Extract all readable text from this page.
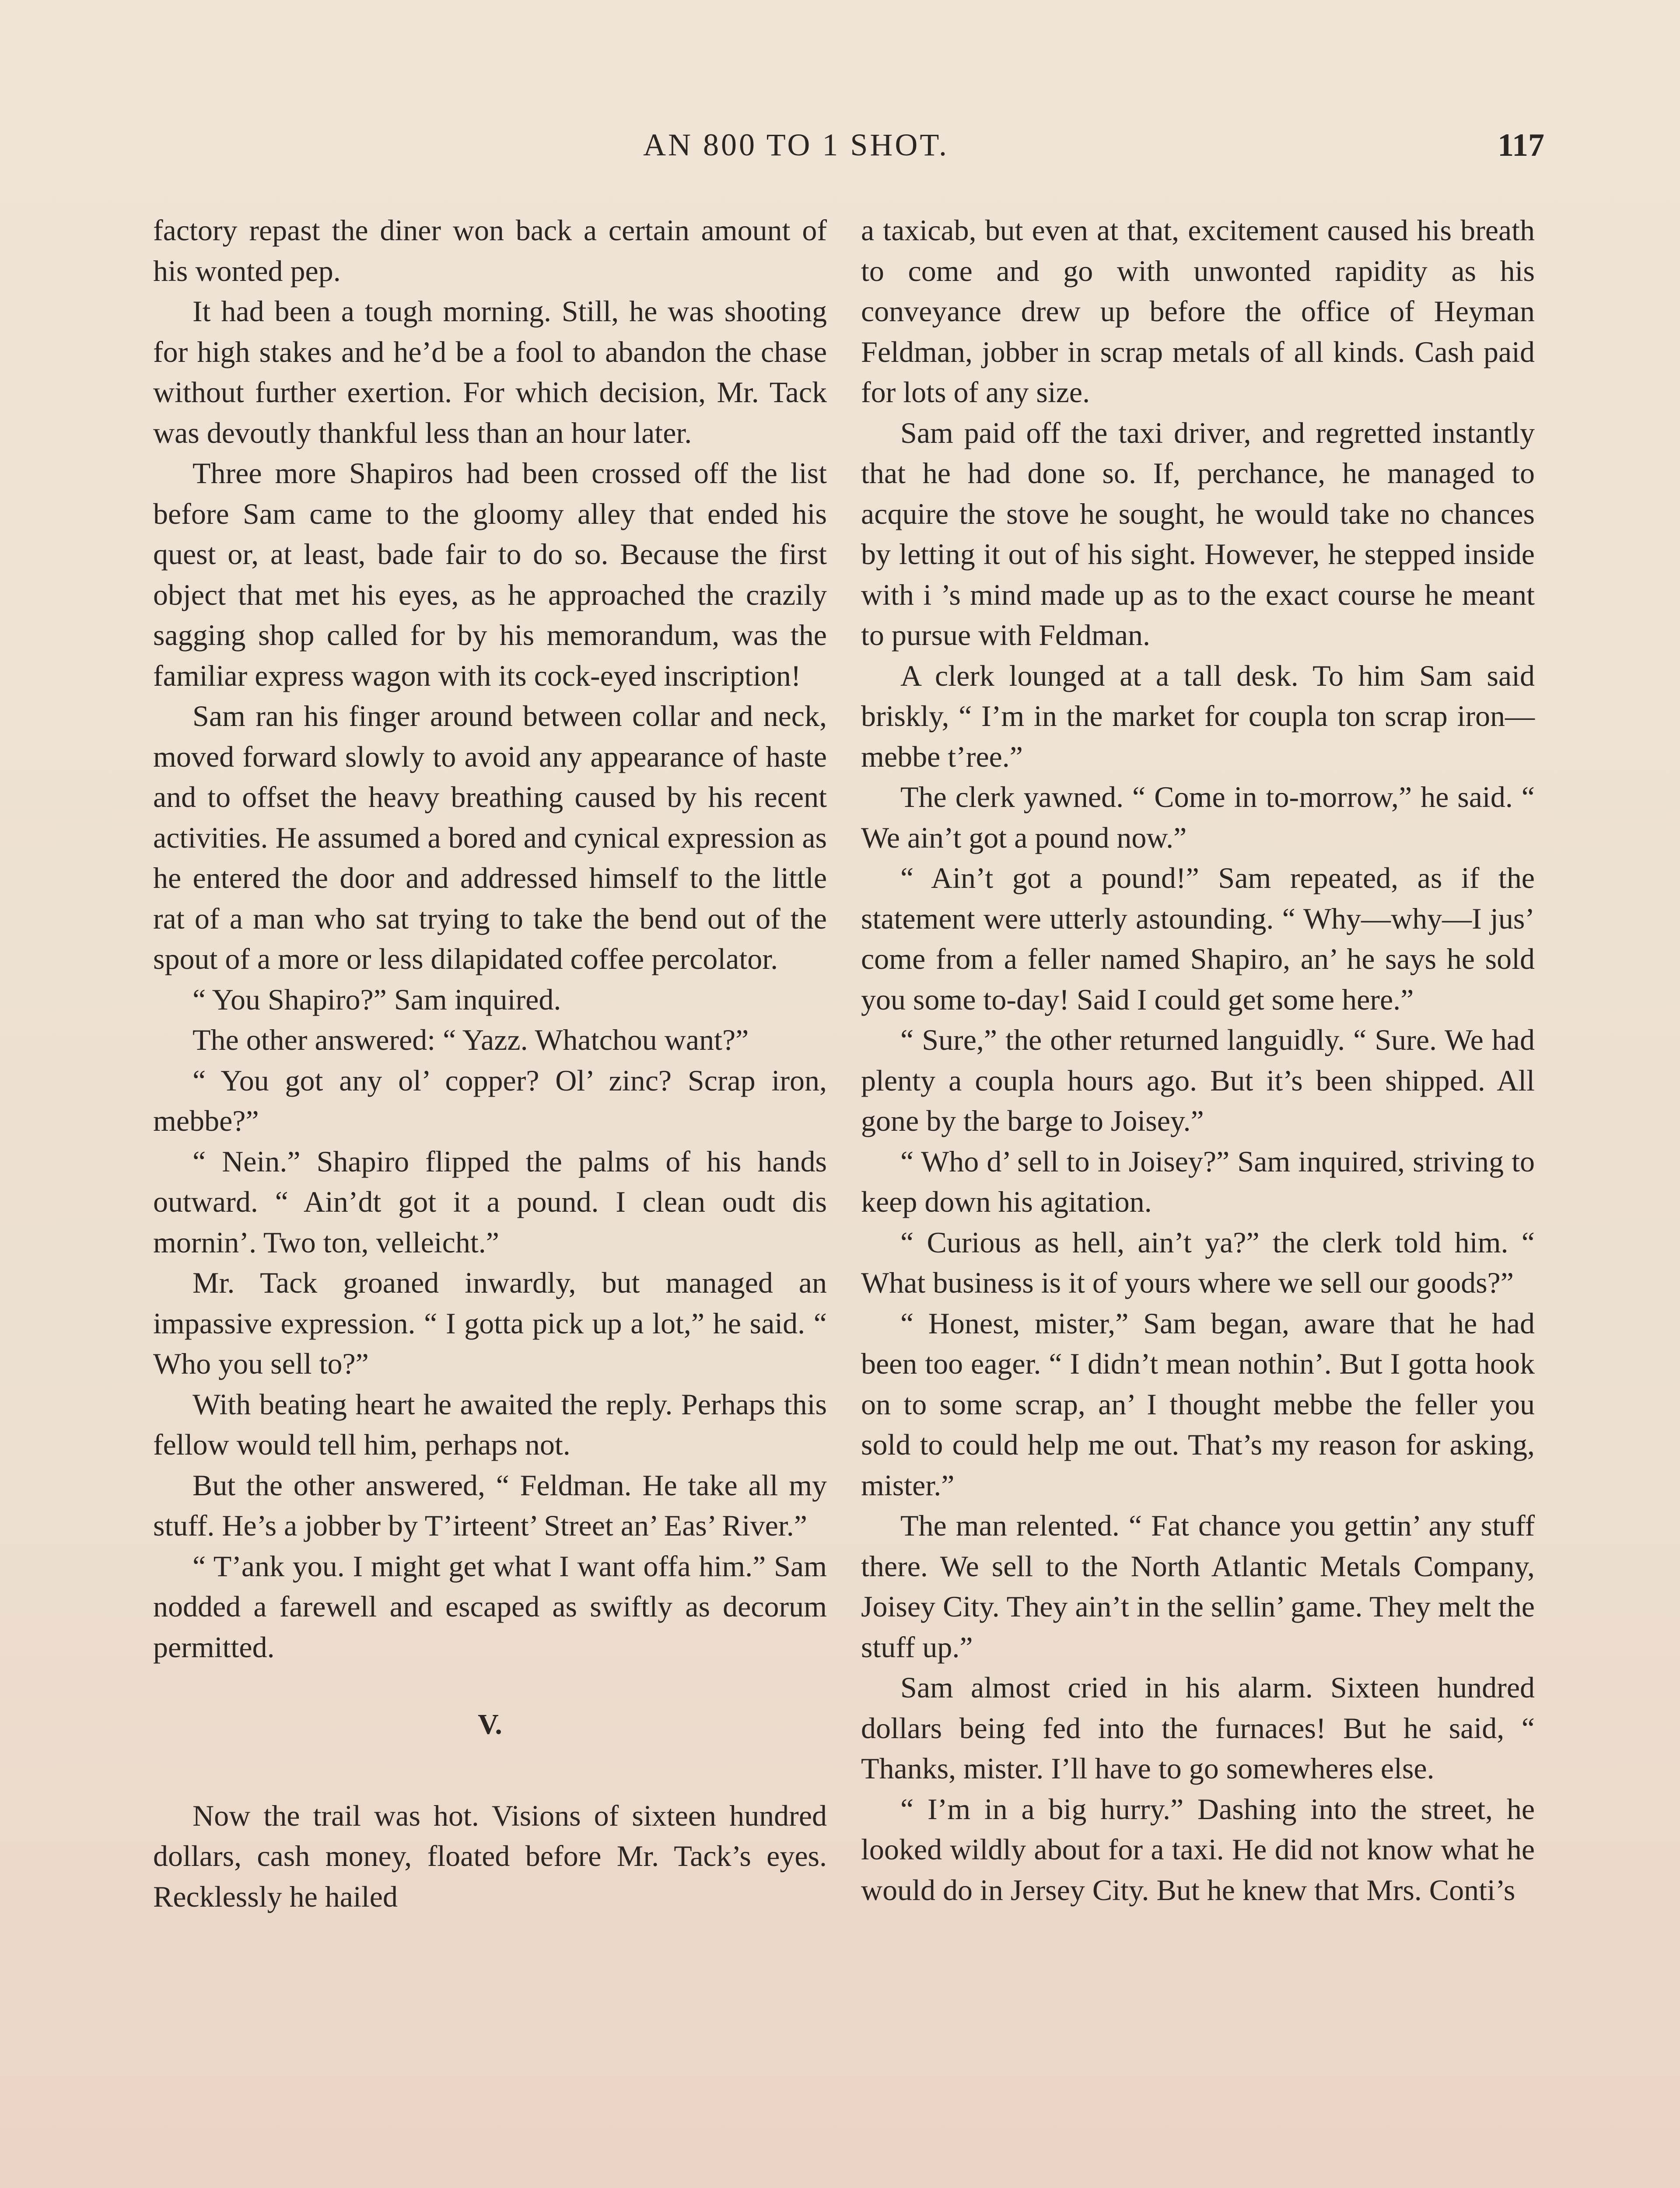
AN 800 TO 1 SHOT.	117

factory repast the diner won back a certain amount of his wonted pep.

It had been a tough morning. Still, he was shooting for high stakes and he’d be a fool to abandon the chase without further exertion. For which decision, Mr. Tack was devoutly thankful less than an hour later.

Three more Shapiros had been crossed off the list before Sam came to the gloomy alley that ended his quest or, at least, bade fair to do so. Because the first object that met his eyes, as he approached the crazily sagging shop called for by his memorandum, was the familiar express wagon with its cock-eyed inscription!

Sam ran his finger around between collar and neck, moved forward slowly to avoid any appearance of haste and to offset the heavy breathing caused by his recent activities. He assumed a bored and cynical expression as he entered the door and addressed himself to the little rat of a man who sat trying to take the bend out of the spout of a more or less dilapidated coffee percolator.

“ You Shapiro?” Sam inquired.

The other answered: “ Yazz. Whatchou want?”

“ You got any ol’ copper? Ol’ zinc? Scrap iron, mebbe?”

“ Nein.” Shapiro flipped the palms of his hands outward. “ Ain’dt got it a pound. I clean oudt dis mornin’. Two ton, velleicht.”

Mr. Tack groaned inwardly, but managed an impassive expression. “ I gotta pick up a lot,” he said. “ Who you sell to?”

With beating heart he awaited the reply. Perhaps this fellow would tell him, perhaps not.

But the other answered, “ Feldman. He take all my stuff. He’s a jobber by T’irteent’ Street an’ Eas’ River.”

“ T’ank you. I might get what I want offa him.” Sam nodded a farewell and escaped as swiftly as decorum permitted.

V.

Now the trail was hot. Visions of sixteen hundred dollars, cash money, floated before Mr. Tack’s eyes. Recklessly he hailed

a taxicab, but even at that, excitement caused his breath to come and go with unwonted rapidity as his conveyance drew up before the office of Heyman Feldman, jobber in scrap metals of all kinds. Cash paid for lots of any size.

Sam paid off the taxi driver, and regretted instantly that he had done so. If, perchance, he managed to acquire the stove he sought, he would take no chances by letting it out of his sight. However, he stepped inside with i ’s mind made up as to the exact course he meant to pursue with Feldman.

A clerk lounged at a tall desk. To him Sam said briskly, “ I’m in the market for coupla ton scrap iron—mebbe t’ree.”

The clerk yawned. “ Come in to-morrow,” he said. “ We ain’t got a pound now.”

“ Ain’t got a pound!” Sam repeated, as if the statement were utterly astounding. “ Why—why—I jus’ come from a feller named Shapiro, an’ he says he sold you some to-day! Said I could get some here.”

“ Sure,” the other returned languidly. “ Sure. We had plenty a coupla hours ago. But it’s been shipped. All gone by the barge to Joisey.”

“ Who d’ sell to in Joisey?” Sam inquired, striving to keep down his agitation.

“ Curious as hell, ain’t ya?” the clerk told him. “ What business is it of yours where we sell our goods?”

“ Honest, mister,” Sam began, aware that he had been too eager. “ I didn’t mean nothin’. But I gotta hook on to some scrap, an’ I thought mebbe the feller you sold to could help me out. That’s my reason for asking, mister.”

The man relented. “ Fat chance you gettin’ any stuff there. We sell to the North Atlantic Metals Company, Joisey City. They ain’t in the sellin’ game. They melt the stuff up.”

Sam almost cried in his alarm. Sixteen hundred dollars being fed into the furnaces! But he said, “ Thanks, mister. I’ll have to go somewheres else.

“ I’m in a big hurry.” Dashing into the street, he looked wildly about for a taxi. He did not know what he would do in Jersey City. But he knew that Mrs. Conti’s
